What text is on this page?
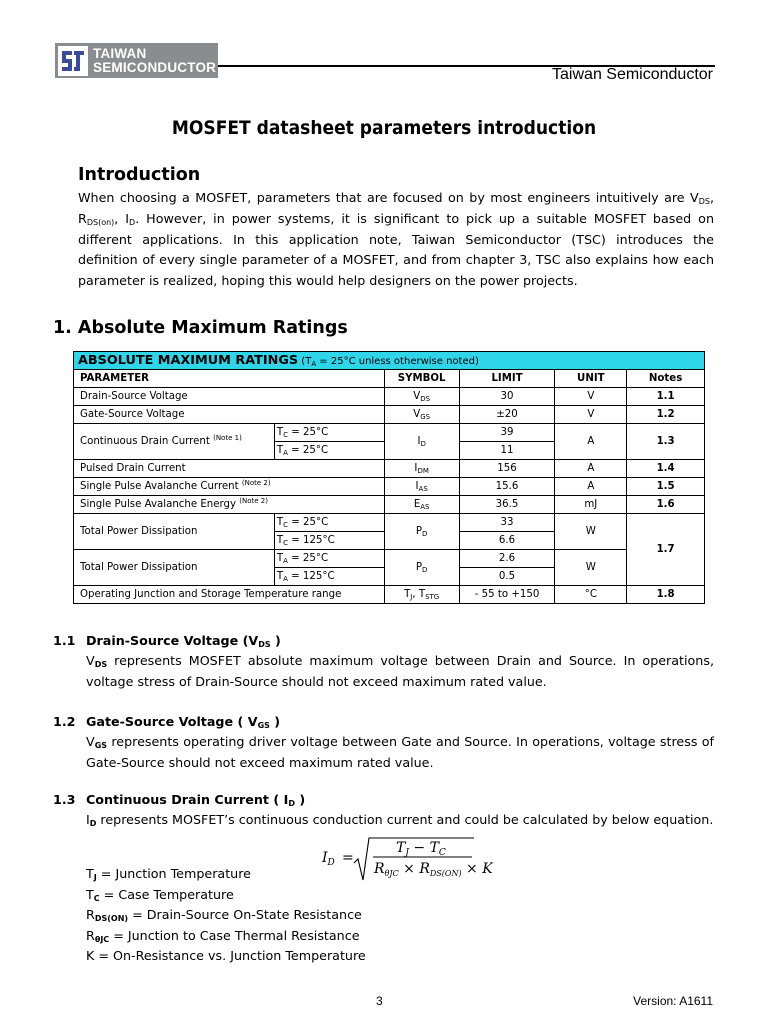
TAIWAN
SEMICONDUCTOR	Taiwan Semiconductor
MOSFET datasheet parameters introduction
Introduction
When choosing a MOSFET, parameters that are focused on by most engineers intuitively are $V_{DS}$, $R_{DS(on)}$, $I_D$. However, in power systems, it is significant to pick up a suitable MOSFET based on different applications. In this application note, Taiwan Semiconductor (TSC) introduces the definition of every single parameter of a MOSFET, and from chapter 3, TSC also explains how each parameter is realized, hoping this would help designers on the power projects.
1. Absolute Maximum Ratings
ABSOLUTE MAXIMUM RATINGS ($T_A = 25^\circ C$ unless otherwise noted)					
PARAMETER		SYMBOL	LIMIT	UNIT	Notes
Drain-Source Voltage		$V_{DS}$	30	V	1.1
Gate-Source Voltage		$V_{GS}$	±20	V	1.2
Continuous Drain Current $^{(Note 1)}$	$T_C = 25^\circ C$	$I_D$	39	A	1.3
	$T_A = 25^\circ C$		11		
Pulsed Drain Current		$I_{DM}$	156	A	1.4
Single Pulse Avalanche Current $^{(Note 2)}$		$I_{AS}$	15.6	A	1.5
Single Pulse Avalanche Energy $^{(Note 2)}$		$E_{AS}$	36.5	mJ	1.6
Total Power Dissipation	$T_C = 25^\circ C$	$P_D$	33	W	1.7
	$T_C = 125^\circ C$		6.6		
Total Power Dissipation	$T_A = 25^\circ C$	$P_D$	2.6	W	
	$T_A = 125^\circ C$		0.5		
Operating Junction and Storage Temperature range		$T_J$, $T_{STG}$	- 55 to +150	°C	1.8
1.1 Drain-Source Voltage ($V_{DS}$ )
$V_{DS}$ represents MOSFET absolute maximum voltage between Drain and Source. In operations, voltage stress of Drain-Source should not exceed maximum rated value.
1.2 Gate-Source Voltage ( $V_{GS}$ )
$V_{GS}$ represents operating driver voltage between Gate and Source. In operations, voltage stress of Gate-Source should not exceed maximum rated value.
1.3 Continuous Drain Current ( $I_D$ )
$I_D$ represents MOSFET’s continuous conduction current and could be calculated by below equation.
$I_D$ =
$T_J - T_C$
$R_{\theta JC} \times R_{DS(ON)} \times K$
$T_J$ = Junction Temperature
$T_C$ = Case Temperature
$R_{DS(ON)}$ = Drain-Source On-State Resistance
$R_{\theta JC}$ = Junction to Case Thermal Resistance
K = On-Resistance vs. Junction Temperature
3	Version: A1611
